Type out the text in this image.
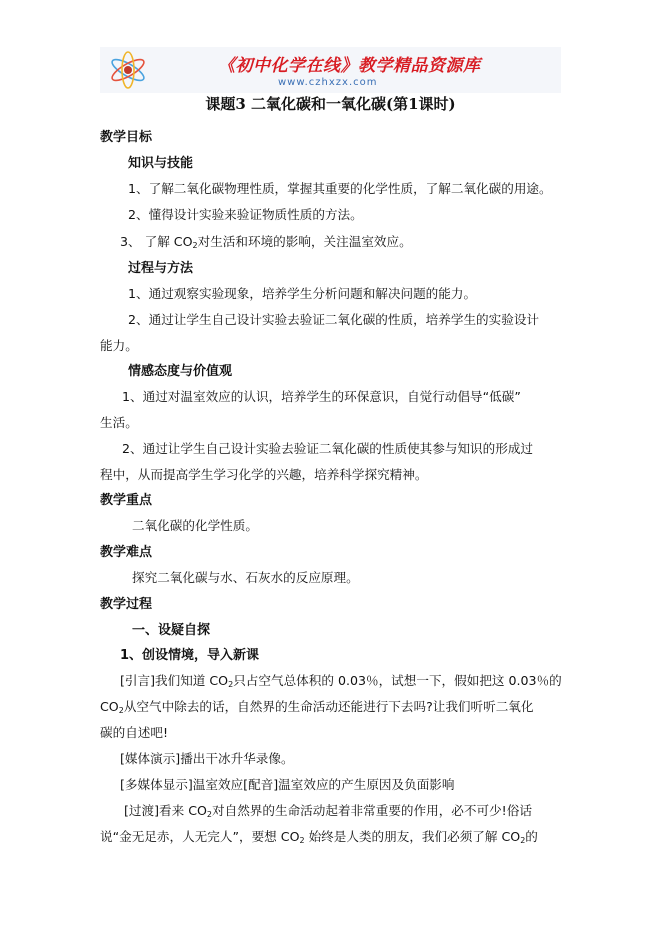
《初中化学在线》教学精品资源库
www.czhxzx.com
课题3 二氧化碳和一氧化碳(第1课时)
教学目标
知识与技能
1、了解二氧化碳物理性质，掌握其重要的化学性质，了解二氧化碳的用途。
2、懂得设计实验来验证物质性质的方法。
3、 了解 $CO_2$对生活和环境的影响，关注温室效应。
过程与方法
1、通过观察实验现象，培养学生分析问题和解决问题的能力。
2、通过让学生自己设计实验去验证二氧化碳的性质，培养学生的实验设计
能力。
情感态度与价值观
1、通过对温室效应的认识，培养学生的环保意识，自觉行动倡导“低碳”
生活。
2、通过让学生自己设计实验去验证二氧化碳的性质使其参与知识的形成过
程中，从而提高学生学习化学的兴趣，培养科学探究精神。
教学重点
二氧化碳的化学性质。
教学难点
探究二氧化碳与水、石灰水的反应原理。
教学过程
一、设疑自探
1、创设情境，导入新课
[引言]我们知道 $CO_2$只占空气总体积的 0.03％，试想一下，假如把这 0.03％的
$CO_2$从空气中除去的话，自然界的生命活动还能进行下去吗?让我们听听二氧化
碳的自述吧!
[媒体演示]播出干冰升华录像。
[多媒体显示]温室效应[配音]温室效应的产生原因及负面影响
[过渡]看来 $CO_2$对自然界的生命活动起着非常重要的作用，必不可少!俗话
说“金无足赤，人无完人”，要想 $CO_2$ 始终是人类的朋友，我们必须了解 $CO_2$的
